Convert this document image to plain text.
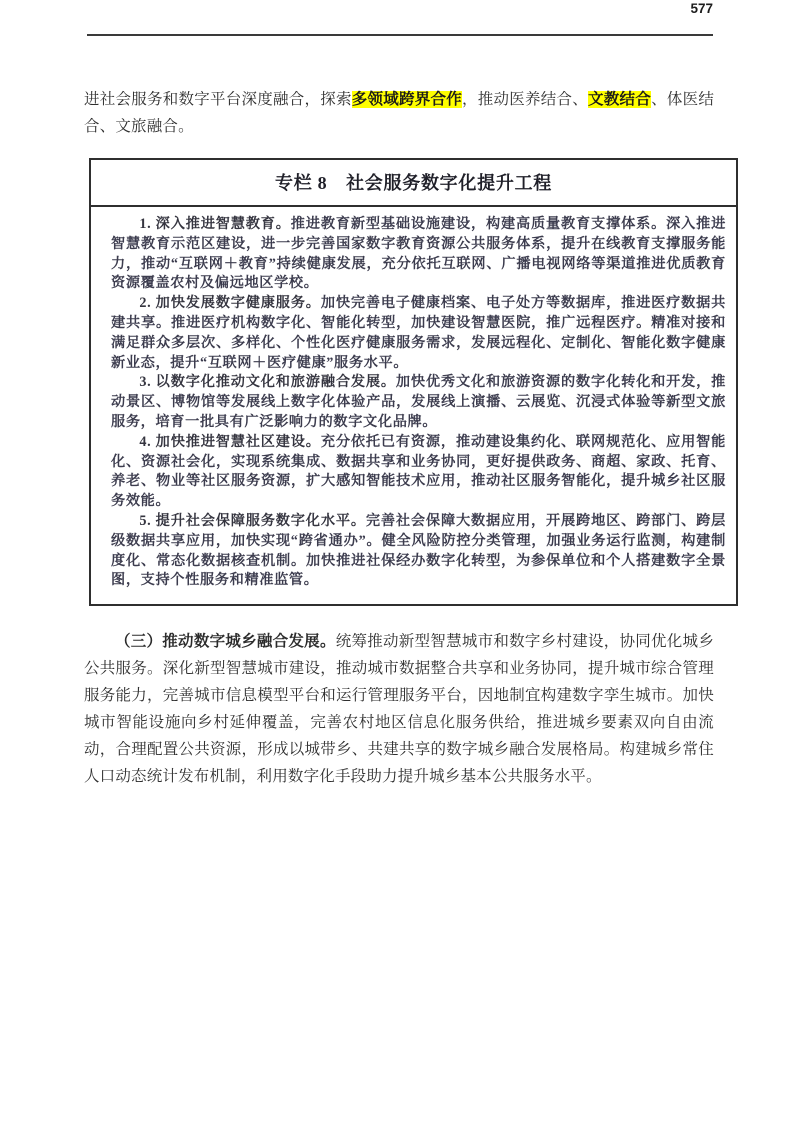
577

进社会服务和数字平台深度融合，探索多领域跨界合作，推动医养结合、文教结合、体医结合、文旅融合。

专栏 8　社会服务数字化提升工程

1. 深入推进智慧教育。推进教育新型基础设施建设，构建高质量教育支撑体系。深入推进智慧教育示范区建设，进一步完善国家数字教育资源公共服务体系，提升在线教育支撑服务能力，推动“互联网＋教育”持续健康发展，充分依托互联网、广播电视网络等渠道推进优质教育资源覆盖农村及偏远地区学校。

2. 加快发展数字健康服务。加快完善电子健康档案、电子处方等数据库，推进医疗数据共建共享。推进医疗机构数字化、智能化转型，加快建设智慧医院，推广远程医疗。精准对接和满足群众多层次、多样化、个性化医疗健康服务需求，发展远程化、定制化、智能化数字健康新业态，提升“互联网＋医疗健康”服务水平。

3. 以数字化推动文化和旅游融合发展。加快优秀文化和旅游资源的数字化转化和开发，推动景区、博物馆等发展线上数字化体验产品，发展线上演播、云展览、沉浸式体验等新型文旅服务，培育一批具有广泛影响力的数字文化品牌。

4. 加快推进智慧社区建设。充分依托已有资源，推动建设集约化、联网规范化、应用智能化、资源社会化，实现系统集成、数据共享和业务协同，更好提供政务、商超、家政、托育、养老、物业等社区服务资源，扩大感知智能技术应用，推动社区服务智能化，提升城乡社区服务效能。

5. 提升社会保障服务数字化水平。完善社会保障大数据应用，开展跨地区、跨部门、跨层级数据共享应用，加快实现“跨省通办”。健全风险防控分类管理，加强业务运行监测，构建制度化、常态化数据核查机制。加快推进社保经办数字化转型，为参保单位和个人搭建数字全景图，支持个性服务和精准监管。

（三）推动数字城乡融合发展。统筹推动新型智慧城市和数字乡村建设，协同优化城乡公共服务。深化新型智慧城市建设，推动城市数据整合共享和业务协同，提升城市综合管理服务能力，完善城市信息模型平台和运行管理服务平台，因地制宜构建数字孪生城市。加快城市智能设施向乡村延伸覆盖，完善农村地区信息化服务供给，推进城乡要素双向自由流动，合理配置公共资源，形成以城带乡、共建共享的数字城乡融合发展格局。构建城乡常住人口动态统计发布机制，利用数字化手段助力提升城乡基本公共服务水平。
